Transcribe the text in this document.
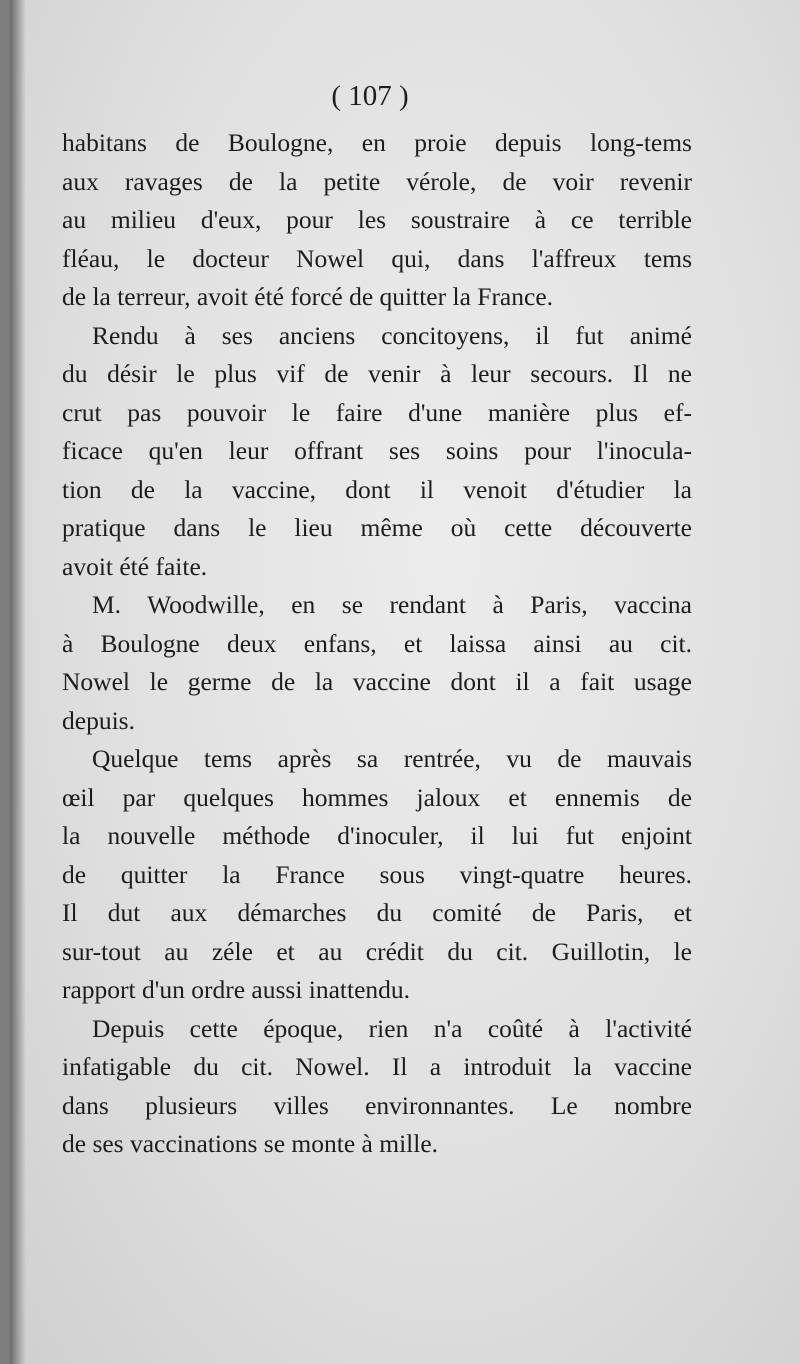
( 107 )

habitans de Boulogne, en proie depuis long-tems
aux ravages de la petite vérole, de voir revenir
au milieu d'eux, pour les soustraire à ce terrible
fléau, le docteur Nowel qui, dans l'affreux tems
de la terreur, avoit été forcé de quitter la France.

Rendu à ses anciens concitoyens, il fut animé
du désir le plus vif de venir à leur secours. Il ne
crut pas pouvoir le faire d'une manière plus ef-
ficace qu'en leur offrant ses soins pour l'inocula-
tion de la vaccine, dont il venoit d'étudier la
pratique dans le lieu même où cette découverte
avoit été faite.

M. Woodwille, en se rendant à Paris, vaccina
à Boulogne deux enfans, et laissa ainsi au cit.
Nowel le germe de la vaccine dont il a fait usage
depuis.

Quelque tems après sa rentrée, vu de mauvais
œil par quelques hommes jaloux et ennemis de
la nouvelle méthode d'inoculer, il lui fut enjoint
de quitter la France sous vingt-quatre heures.
Il dut aux démarches du comité de Paris, et
sur-tout au zéle et au crédit du cit. Guillotin, le
rapport d'un ordre aussi inattendu.

Depuis cette époque, rien n'a coûté à l'activité
infatigable du cit. Nowel. Il a introduit la vaccine
dans plusieurs villes environnantes. Le nombre
de ses vaccinations se monte à mille.
